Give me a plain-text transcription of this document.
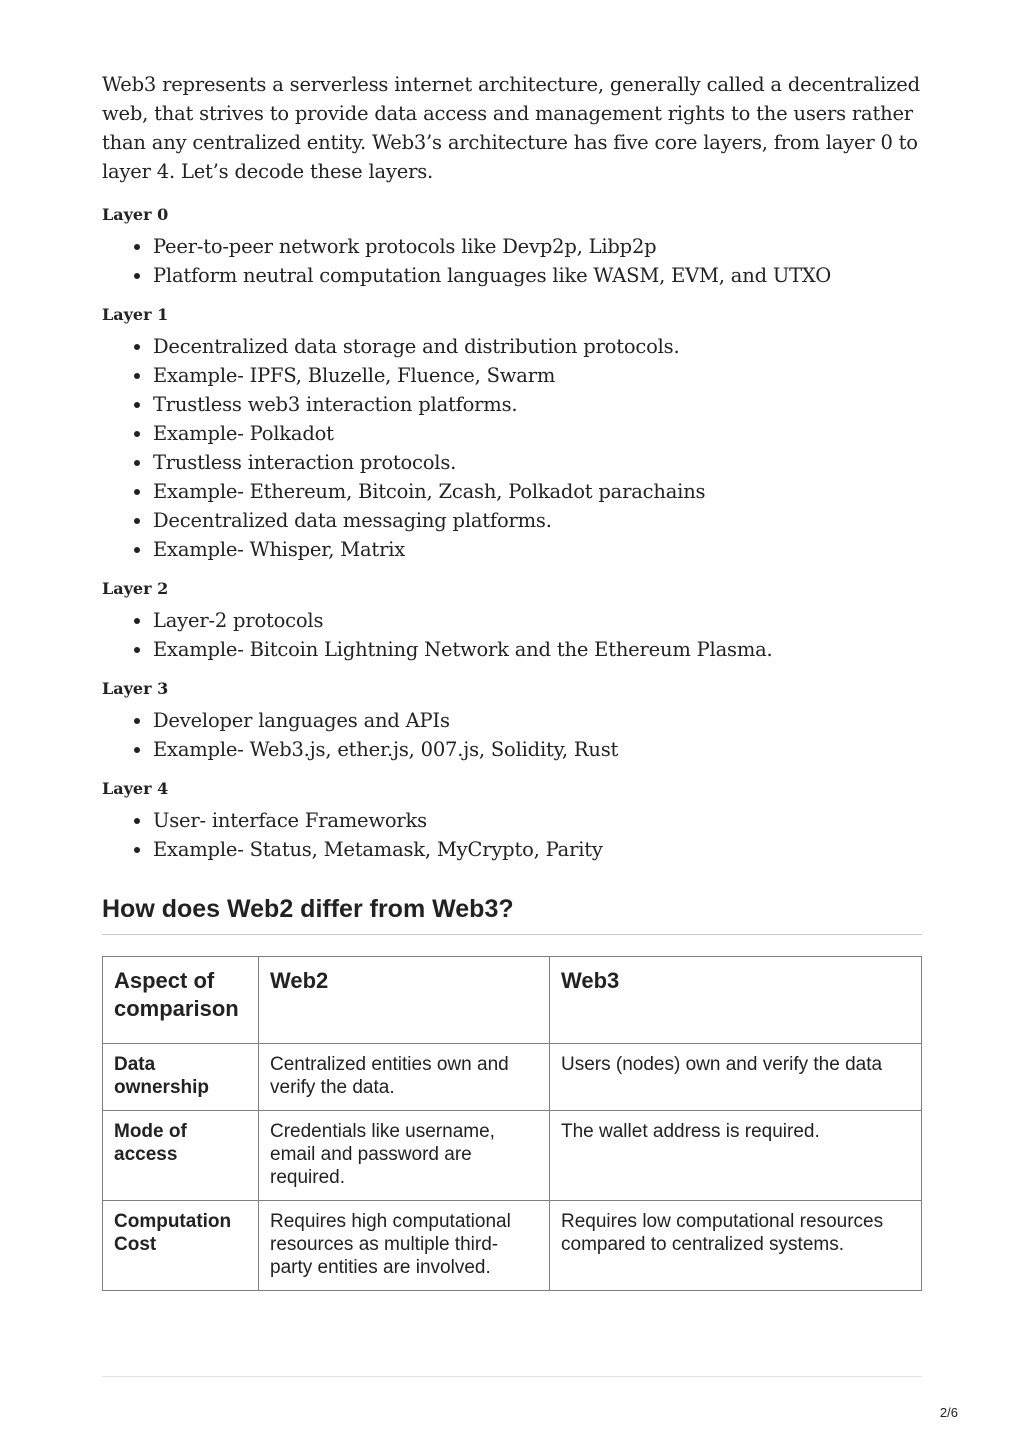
Web3 represents a serverless internet architecture, generally called a decentralized web, that strives to provide data access and management rights to the users rather than any centralized entity. Web3’s architecture has five core layers, from layer 0 to layer 4. Let’s decode these layers.

Layer 0
• Peer-to-peer network protocols like Devp2p, Libp2p
• Platform neutral computation languages like WASM, EVM, and UTXO
Layer 1
• Decentralized data storage and distribution protocols.
• Example- IPFS, Bluzelle, Fluence, Swarm
• Trustless web3 interaction platforms.
• Example- Polkadot
• Trustless interaction protocols.
• Example- Ethereum, Bitcoin, Zcash, Polkadot parachains
• Decentralized data messaging platforms.
• Example- Whisper, Matrix
Layer 2
• Layer-2 protocols
• Example- Bitcoin Lightning Network and the Ethereum Plasma.
Layer 3
• Developer languages and APIs
• Example- Web3.js, ether.js, 007.js, Solidity, Rust
Layer 4
• User- interface Frameworks
• Example- Status, Metamask, MyCrypto, Parity
How does Web2 differ from Web3?
Aspect of comparison	Web2	Web3
Data ownership	Centralized entities own and verify the data.	Users (nodes) own and verify the data
Mode of access	Credentials like username, email and password are required.	The wallet address is required.
Computation Cost	Requires high computational resources as multiple third-party entities are involved.	Requires low computational resources compared to centralized systems.
2/6
